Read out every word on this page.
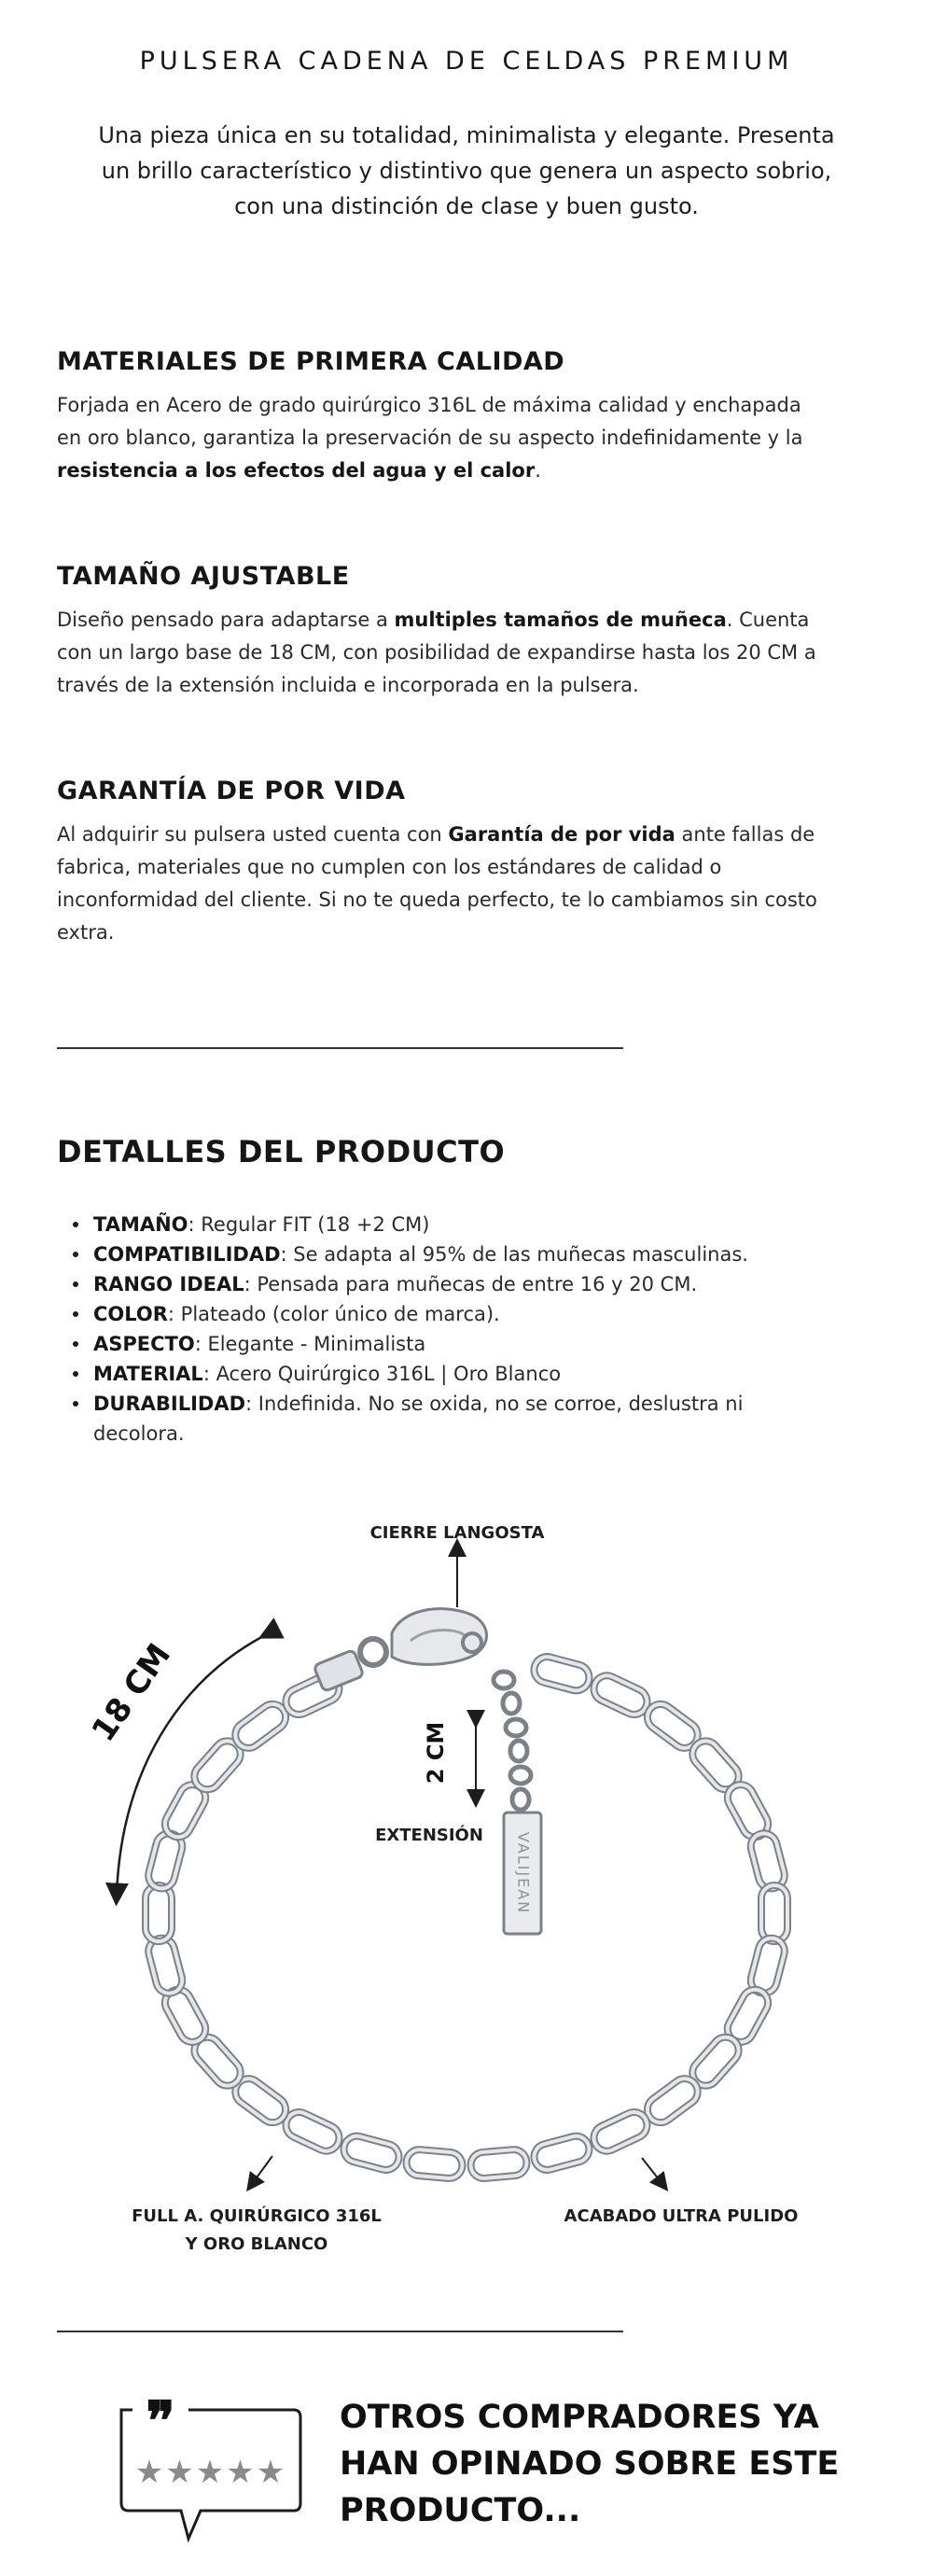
PULSERA CADENA DE CELDAS PREMIUM
Una pieza única en su totalidad, minimalista y elegante. Presenta un brillo característico y distintivo que genera un aspecto sobrio, con una distinción de clase y buen gusto.
MATERIALES DE PRIMERA CALIDAD

Forjada en Acero de grado quirúrgico 316L de máxima calidad y enchapada en oro blanco, garantiza la preservación de su aspecto indefinidamente y la resistencia a los efectos del agua y el calor.

TAMAÑO AJUSTABLE

Diseño pensado para adaptarse a multiples tamaños de muñeca. Cuenta con un largo base de 18 CM, con posibilidad de expandirse hasta los 20 CM a través de la extensión incluida e incorporada en la pulsera.

GARANTÍA DE POR VIDA

Al adquirir su pulsera usted cuenta con Garantía de por vida ante fallas de fabrica, materiales que no cumplen con los estándares de calidad o inconformidad del cliente. Si no te queda perfecto, te lo cambiamos sin costo extra.

DETALLES DEL PRODUCTO
TAMAÑO: Regular FIT (18 +2 CM)
COMPATIBILIDAD: Se adapta al 95% de las muñecas masculinas.
RANGO IDEAL: Pensada para muñecas de entre 16 y 20 CM.
COLOR: Plateado (color único de marca).
ASPECTO: Elegante - Minimalista
MATERIAL: Acero Quirúrgico 316L | Oro Blanco
DURABILIDAD: Indefinida. No se oxida, no se corroe, deslustra ni decolora.
VALIJEAN
18 CM
2 CM
CIERRE LANGOSTA
EXTENSIÓN
FULL A. QUIRÚRGICO 316L
Y ORO BLANCO
ACABADO ULTRA PULIDO
❞
★★★★★
OTROS COMPRADORES YA HAN OPINADO SOBRE ESTE PRODUCTO...
